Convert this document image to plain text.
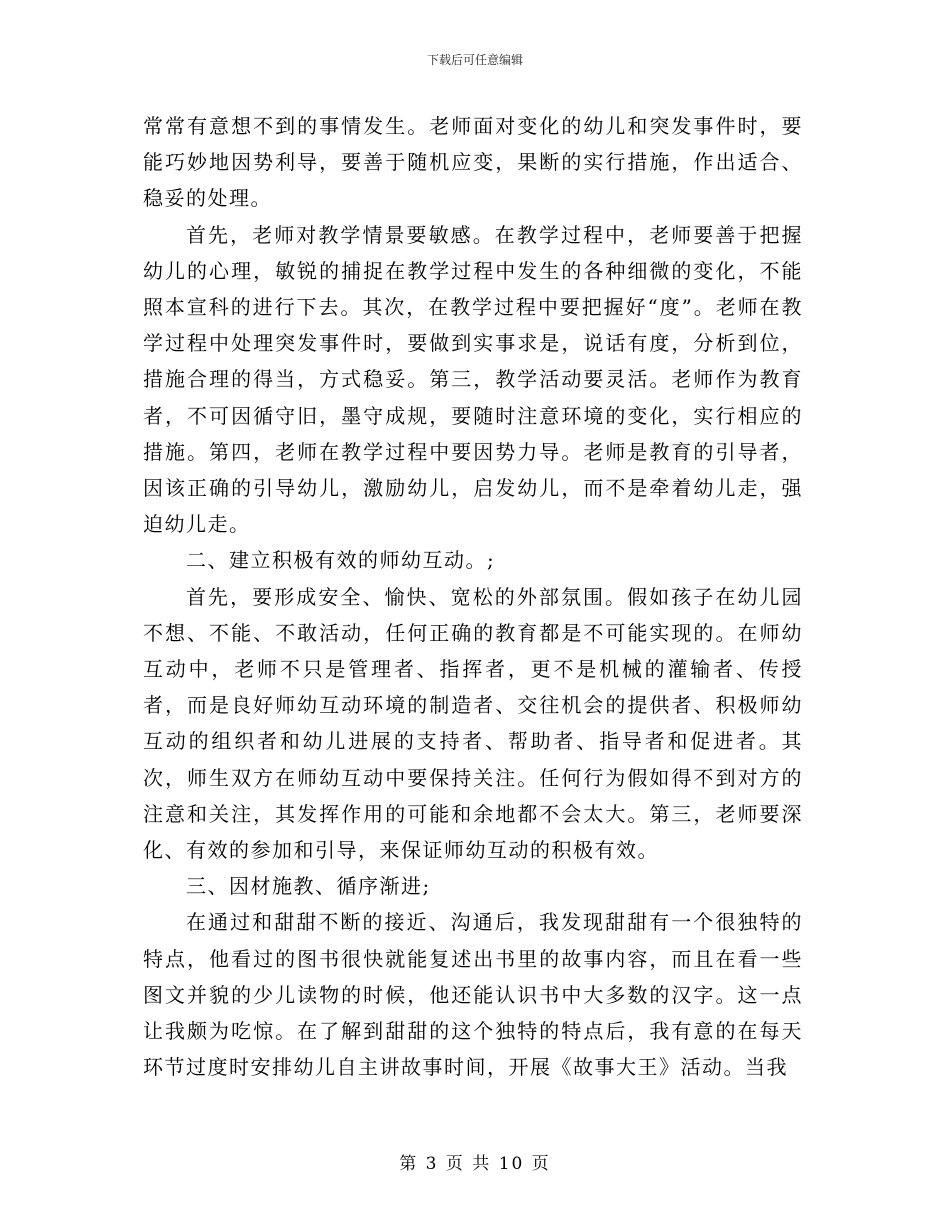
下载后可任意编辑

常常有意想不到的事情发生。老师面对变化的幼儿和突发事件时，要能巧妙地因势利导，要善于随机应变，果断的实行措施，作出适合、稳妥的处理。

首先，老师对教学情景要敏感。在教学过程中，老师要善于把握幼儿的心理，敏锐的捕捉在教学过程中发生的各种细微的变化，不能照本宣科的进行下去。其次，在教学过程中要把握好“度”。老师在教学过程中处理突发事件时，要做到实事求是，说话有度，分析到位，措施合理的得当，方式稳妥。第三，教学活动要灵活。老师作为教育者，不可因循守旧，墨守成规，要随时注意环境的变化，实行相应的措施。第四，老师在教学过程中要因势力导。老师是教育的引导者，因该正确的引导幼儿，激励幼儿，启发幼儿，而不是牵着幼儿走，强迫幼儿走。

二、建立积极有效的师幼互动。;

首先，要形成安全、愉快、宽松的外部氛围。假如孩子在幼儿园不想、不能、不敢活动，任何正确的教育都是不可能实现的。在师幼互动中，老师不只是管理者、指挥者，更不是机械的灌输者、传授者，而是良好师幼互动环境的制造者、交往机会的提供者、积极师幼互动的组织者和幼儿进展的支持者、帮助者、指导者和促进者。其次，师生双方在师幼互动中要保持关注。任何行为假如得不到对方的注意和关注，其发挥作用的可能和余地都不会太大。第三，老师要深化、有效的参加和引导，来保证师幼互动的积极有效。

三、因材施教、循序渐进;

在通过和甜甜不断的接近、沟通后，我发现甜甜有一个很独特的特点，他看过的图书很快就能复述出书里的故事内容，而且在看一些图文并貌的少儿读物的时候，他还能认识书中大多数的汉字。这一点让我颇为吃惊。在了解到甜甜的这个独特的特点后，我有意的在每天环节过度时安排幼儿自主讲故事时间，开展《故事大王》活动。当我

第 3 页 共 10 页
